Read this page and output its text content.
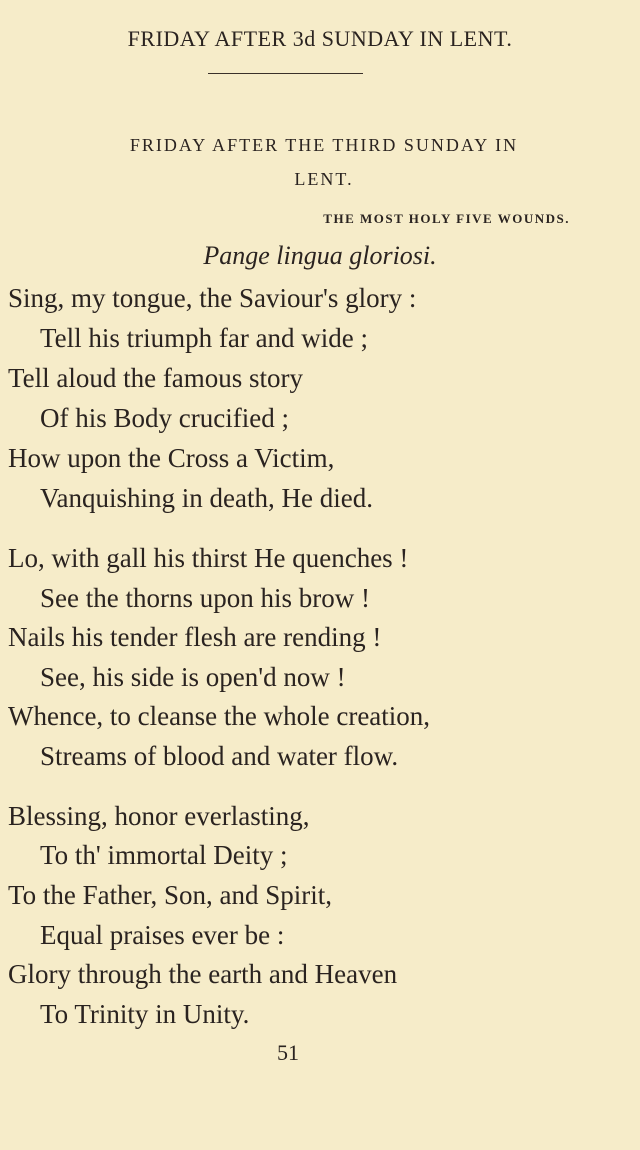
FRIDAY AFTER 3d SUNDAY IN LENT.
FRIDAY AFTER THE THIRD SUNDAY IN
LENT.
THE MOST HOLY FIVE WOUNDS.
Pange lingua gloriosi.
Sing, my tongue, the Saviour's glory :
Tell his triumph far and wide ;
Tell aloud the famous story
Of his Body crucified ;
How upon the Cross a Victim,
Vanquishing in death, He died.
Lo, with gall his thirst He quenches !
See the thorns upon his brow !
Nails his tender flesh are rending !
See, his side is open'd now !
Whence, to cleanse the whole creation,
Streams of blood and water flow.
Blessing, honor everlasting,
To th' immortal Deity ;
To the Father, Son, and Spirit,
Equal praises ever be :
Glory through the earth and Heaven
To Trinity in Unity.
51
